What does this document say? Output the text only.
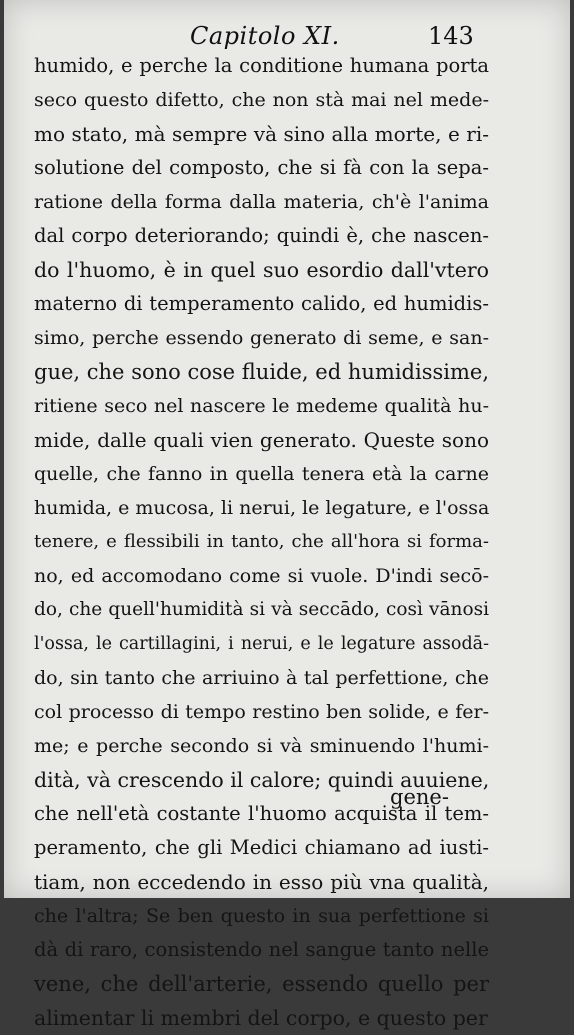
Capitolo XI.	143
humido, e perche la conditione humana porta
seco questo difetto, che non stà mai nel mede-
mo stato, mà sempre và sino alla morte, e ri-
solutione del composto, che si fà con la sepa-
ratione della forma dalla materia, ch'è l'anima
dal corpo deteriorando; quindi è, che nascen-
do l'huomo, è in quel suo esordio dall'vtero
materno di temperamento calido, ed humidis-
simo, perche essendo generato di seme, e san-
gue, che sono cose fluide, ed humidissime,
ritiene seco nel nascere le medeme qualità hu-
mide, dalle quali vien generato. Queste sono
quelle, che fanno in quella tenera età la carne
humida, e mucosa, li nerui, le legature, e l'ossa
tenere, e flessibili in tanto, che all'hora si forma-
no, ed accomodano come si vuole. D'indi secō-
do, che quell'humidità si và seccādo, così vānosi
l'ossa, le cartillagini, i nerui, e le legature assodā-
do, sin tanto che arriuino à tal perfettione, che
col processo di tempo restino ben solide, e fer-
me; e perche secondo si và sminuendo l'humi-
dità, và crescendo il calore; quindi auuiene,
che nell'età costante l'huomo acquista il tem-
peramento, che gli Medici chiamano ad iusti-
tiam, non eccedendo in esso più vna qualità,
che l'altra; Se ben questo in sua perfettione si
dà di raro, consistendo nel sangue tanto nelle
vene, che dell'arterie, essendo quello per
alimentar li membri del corpo, e questo per
gene-
